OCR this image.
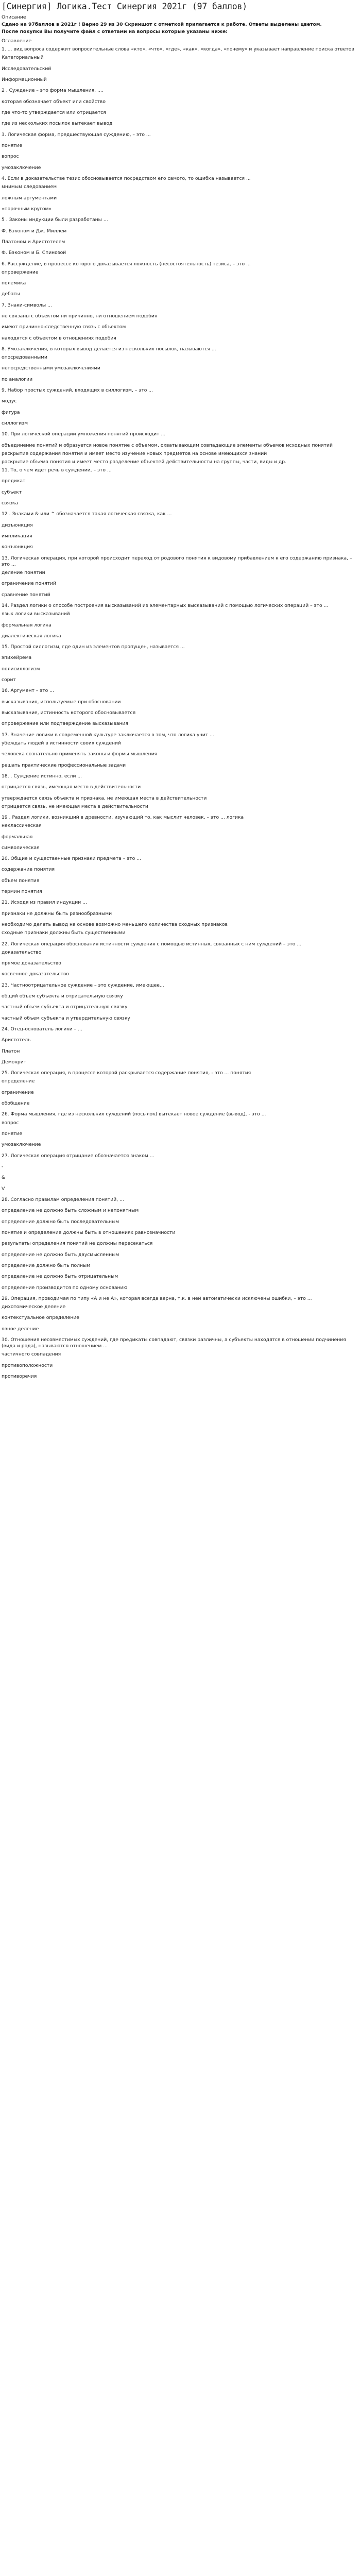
[Синергия] Логика.Тест Синергия 2021г (97 баллов)
Описание
Сдано на 97баллов в 2021г ! Верно 29 из 30 Скриншот с отметкой прилагается к работе. Ответы выделены цветом.
После покупки Вы получите файл с ответами на вопросы которые указаны ниже:
Оглавление
1. ... вид вопроса содержит вопросительные слова «кто», «что», «где», «как», «когда», «почему» и указывает направление поиска ответов
Категориальный
Исследовательский
Информационный
2 . Суждение – это форма мышления, ....
которая обозначает объект или свойство
где что-то утверждается или отрицается
где из нескольких посылок вытекает вывод
3. Логическая форма, предшествующая суждению, – это ...
понятие
вопрос
умозаключение
4. Если в доказательстве тезис обосновывается посредством его самого, то ошибка называется ...
мнимым следованием
ложным аргументами
«порочным кругом»
5 . Законы индукции были разработаны ...
Ф. Бэконом и Дж. Миллем
Платоном и Аристотелем
Ф. Бэконом и Б. Спинозой
6. Рассуждение, в процессе которого доказывается ложность (несостоятельность) тезиса, – это ...
опровержение
полемика
дебаты
7. Знаки-символы ...
не связаны с объектом ни причинно, ни отношением подобия
имеют причинно-следственную связь с объектом
находятся с объектом в отношениях подобия
8. Умозаключения, в которых вывод делается из нескольких посылок, называются ...
опосредованными
непосредственными умозаключениями
по аналогии
9. Набор простых суждений, входящих в силлогизм, – это ...
модус
фигура
силлогизм
10. При логической операции умножения понятий происходит ...
объединение понятий и образуется новое понятие с объемом, охватывающим совпадающие элементы объемов исходных понятий
раскрытие содержания понятия и имеет место изучение новых предметов на основе имеющихся знаний
раскрытие объема понятия и имеет место разделение объектей действительности на группы, части, виды и др.
11. То, о чем идет речь в суждении, – это ...
предикат
субъект
связка
12 . Знаками & или ^ обозначается такая логическая связка, как ...
дизъюнкция
импликация
конъюнкция
13. Логическая операция, при которой происходит переход от родового понятия к видовому прибавлением к его содержанию признака, – это ...
деление понятий
ограничение понятий
сравнение понятий
14. Раздел логики о способе построения высказываний из элементарных высказываний с помощью логических операций – это ...
язык логики высказываний
формальная логика
диалектическая логика
15. Простой силлогизм, где один из элементов пропущен, называется ...
эпихейрема
полисиллогизм
сорит
16. Аргумент – это ...
высказывания, используемые при обосновании
высказывание, истинность которого обосновывается
опровержение или подтверждение высказывания
17. Значение логики в современной культуре заключается в том, что логика учит ...
убеждать людей в истинности своих суждений
человека сознательно применять законы и формы мышления
решать практические профессиональные задачи
18. . Суждение истинно, если ...
отрицается связь, имеющая место в действительности
утверждается связь объекта и признака, не имеющая места в действительности
отрицается связь, не имеющая места в действительности
19 . Раздел логики, возникший в древности, изучающий то, как мыслит человек, – это ... логика
неклассическая
формальная
символическая
20. Общие и существенные признаки предмета – это ...
содержание понятия
объем понятия
термин понятия
21. Исходя из правил индукции ...
признаки не должны быть разнообразными
необходимо делать вывод на основе возможно меньшего количества сходных признаков
сходные признаки должны быть существенными
22. Логическая операция обоснования истинности суждения с помощью истинных, связанных с ним суждений – это ...
доказательство
прямое доказательство
косвенное доказательство
23. Частноотрицательное суждение – это суждение, имеющее...
общий объем субъекта и отрицательную связку
частный объем субъекта и отрицательную связку
частный объем субъекта и утвердительную связку
24. Отец-основатель логики – ...
Аристотель
Платон
Демокрит
25. Логическая операция, в процессе которой раскрывается содержание понятия, - это ... понятия
определение
ограничение
обобщение
26. Форма мышления, где из нескольких суждений (посылок) вытекает новое суждение (вывод), - это ...
вопрос
понятие
умозаключение
27. Логическая операция отрицание обозначается знаком ...
-
&
V
28. Согласно правилам определения понятий, ...
определение не должно быть сложным и непонятным
определение должно быть последовательным
понятие и определение должны быть в отношениях равнозначности
результаты определения понятий не должны пересекаться
определение не должно быть двусмысленным
определение должно быть полным
определение не должно быть отрицательным
определение производится по одному основанию
29. Операция, проводимая по типу «А и не А», которая всегда верна, т.к. в ней автоматически исключены ошибки, – это ...
дихотомическое деление
контекстуальное определение
явное деление
30. Отношения несовместимых суждений, где предикаты совпадают, связки различны, а субъекты находятся в отношении подчинения (вида и рода), называются отношением ...
частичного совпадения
противоположности
противоречия
